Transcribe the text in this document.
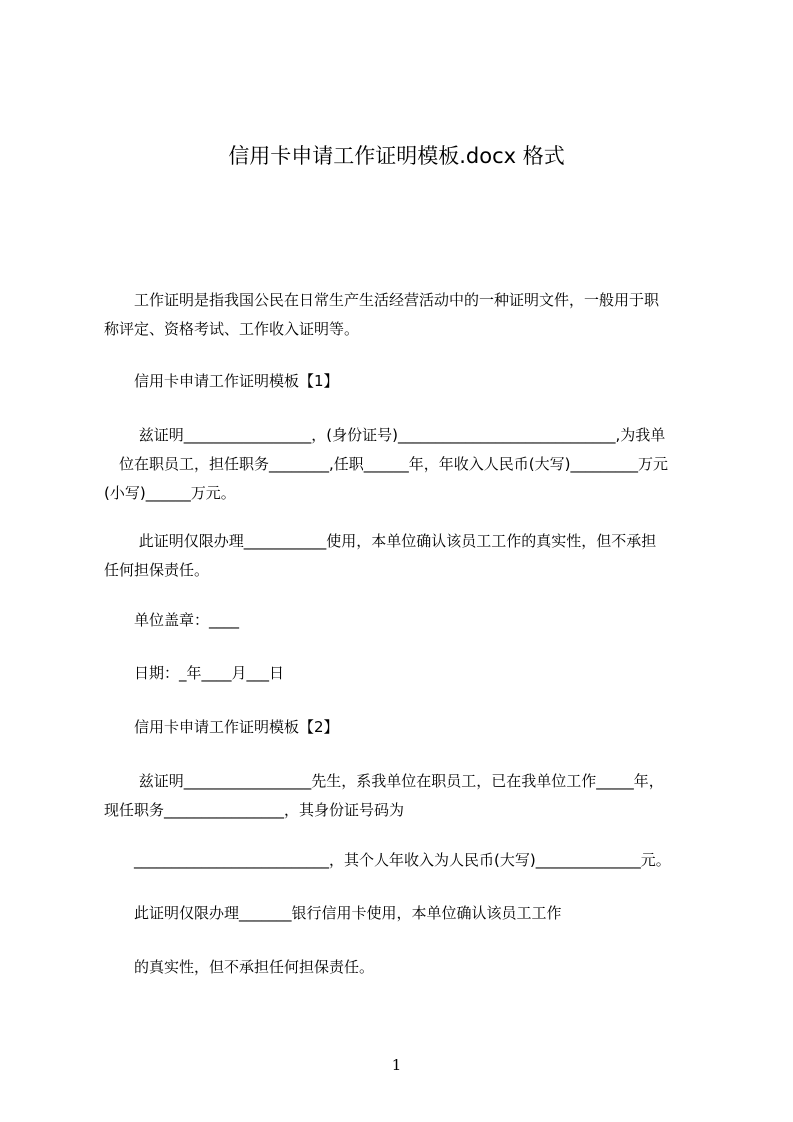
信用卡申请工作证明模板.docx 格式
　　工作证明是指我国公民在日常生产生活经营活动中的一种证明文件，一般用于职
称评定、资格考试、工作收入证明等。
　　信用卡申请工作证明模板【1】
　　 兹证明_________________，(身份证号)_____________________________,为我单
　位在职员工，担任职务________,任职______年，年收入人民币(大写)_________万元
(小写)______万元。
　　 此证明仅限办理___________使用，本单位确认该员工工作的真实性，但不承担
任何担保责任。
　　单位盖章：____
　　日期：_年____月___日
　　信用卡申请工作证明模板【2】
　　 兹证明_________________先生，系我单位在职员工，已在我单位工作_____年，
现任职务________________，其身份证号码为
　　__________________________，其个人年收入为人民币(大写)______________元。
　　此证明仅限办理_______银行信用卡使用，本单位确认该员工工作
　　的真实性，但不承担任何担保责任。
1
